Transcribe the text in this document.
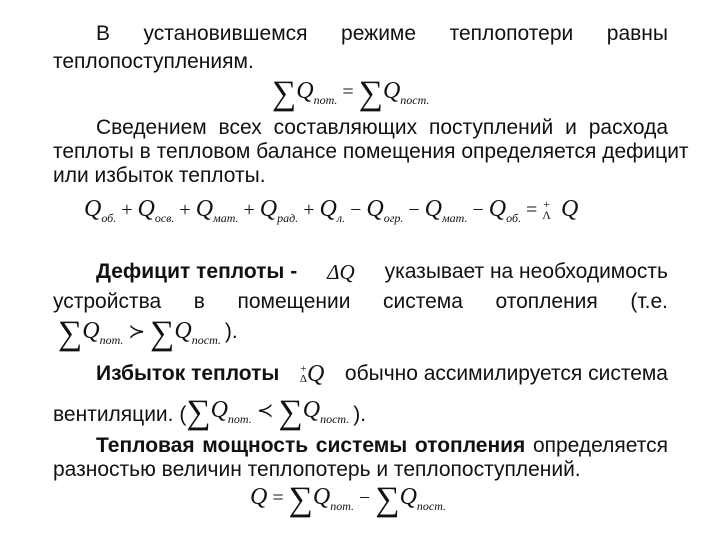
В установившемся режиме теплопотери равны
теплопоступлениям.
$\sum Q_{пот.} = \sum Q_{пост.}$
Сведением всех составляющих поступлений и расхода
теплоты в тепловом балансе помещения определяется дефицит
или избыток теплоты.
$Q_{об.} + Q_{осв.} + Q_{мат.} + Q_{рад.} + Q_{л.} - Q_{огр.} - Q_{мат.} - Q_{об.}$ = +
Λ Q
Дефицит теплоты - ΔQ указывает на необходимость
устройства в помещении система отопления (т.е.
$\sum Q_{пот.}$ ≻ $\sum Q_{пост.}$ ).
Избыток теплоты +
Δ Q обычно ассимилируется система
вентиляции. ( $\sum Q_{пот.}$ ≺ $\sum Q_{пост.}$ ).
Тепловая мощность системы отопления определяется
разностью величин теплопотерь и теплопоступлений.
$Q = \sum Q_{пот.} - \sum Q_{пост.}$
